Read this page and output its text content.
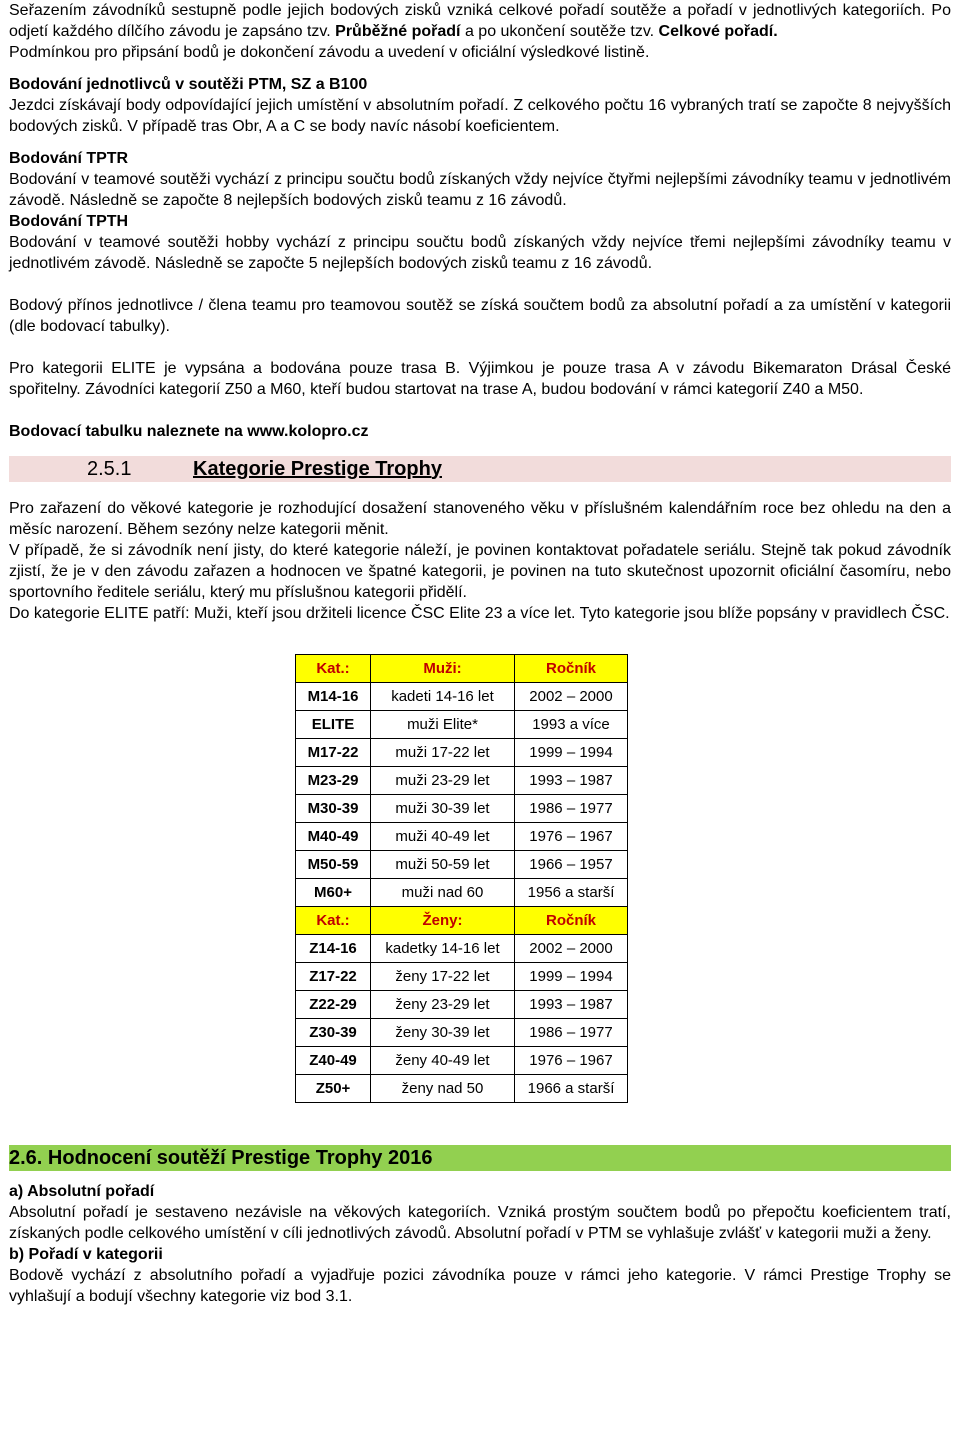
Seřazením závodníků sestupně podle jejich bodových zisků vzniká celkové pořadí soutěže a pořadí v jednotlivých kategoriích. Po odjetí každého dílčího závodu je zapsáno tzv. Průběžné pořadí a po ukončení soutěže tzv. Celkové pořadí.

Podmínkou pro připsání bodů je dokončení závodu a uvedení v oficiální výsledkové listině.

Bodování jednotlivců v soutěži PTM, SZ a B100

Jezdci získávají body odpovídající jejich umístění v absolutním pořadí. Z celkového počtu 16 vybraných tratí se započte 8 nejvyšších bodových zisků. V případě tras Obr, A a C se body navíc násobí koeficientem.

Bodování TPTR

Bodování v teamové soutěži vychází z principu součtu bodů získaných vždy nejvíce čtyřmi nejlepšími závodníky teamu v jednotlivém závodě. Následně se započte 8 nejlepších bodových zisků teamu z 16 závodů.

Bodování TPTH

Bodování v teamové soutěži hobby vychází z principu součtu bodů získaných vždy nejvíce třemi nejlepšími závodníky teamu v jednotlivém závodě. Následně se započte 5 nejlepších bodových zisků teamu z 16 závodů.

Bodový přínos jednotlivce / člena teamu pro teamovou soutěž se získá součtem bodů za absolutní pořadí a za umístění v kategorii (dle bodovací tabulky).

Pro kategorii ELITE je vypsána a bodována pouze trasa B. Výjimkou je pouze trasa A v závodu Bikemaraton Drásal České spořitelny. Závodníci kategorií Z50 a M60, kteří budou startovat na trase A, budou bodování v rámci kategorií Z40 a M50.

Bodovací tabulku naleznete na www.kolopro.cz

2.5.1	Kategorie Prestige Trophy

Pro zařazení do věkové kategorie je rozhodující dosažení stanoveného věku v příslušném kalendářním roce bez ohledu na den a měsíc narození. Během sezóny nelze kategorii měnit.

V případě, že si závodník není jisty, do které kategorie náleží, je povinen kontaktovat pořadatele seriálu. Stejně tak pokud závodník zjistí, že je v den závodu zařazen a hodnocen ve špatné kategorii, je povinen na tuto skutečnost upozornit oficiální časomíru, nebo sportovního ředitele seriálu, který mu příslušnou kategorii přidělí.

Do kategorie ELITE patří: Muži, kteří jsou držiteli licence ČSC Elite 23 a více let. Tyto kategorie jsou blíže popsány v pravidlech ČSC.

Kat.:	Muži:	Ročník
M14-16	kadeti 14-16 let	2002 – 2000
ELITE	muži Elite*	1993 a více
M17-22	muži 17-22 let	1999 – 1994
M23-29	muži 23-29 let	1993 – 1987
M30-39	muži 30-39 let	1986 – 1977
M40-49	muži 40-49 let	1976 – 1967
M50-59	muži 50-59 let	1966 – 1957
M60+	muži nad 60	1956 a starší
Kat.:	Ženy:	Ročník
Z14-16	kadetky 14-16 let	2002 – 2000
Z17-22	ženy 17-22 let	1999 – 1994
Z22-29	ženy 23-29 let	1993 – 1987
Z30-39	ženy 30-39 let	1986 – 1977
Z40-49	ženy 40-49 let	1976 – 1967
Z50+	ženy nad 50	1966 a starší
2.6. Hodnocení soutěží Prestige Trophy 2016

a) Absolutní pořadí

Absolutní pořadí je sestaveno nezávisle na věkových kategoriích. Vzniká prostým součtem bodů po přepočtu koeficientem tratí, získaných podle celkového umístění v cíli jednotlivých závodů. Absolutní pořadí v PTM se vyhlašuje zvlášť v kategorii muži a ženy.

b) Pořadí v kategorii

Bodově vychází z absolutního pořadí a vyjadřuje pozici závodníka pouze v rámci jeho kategorie. V rámci Prestige Trophy se vyhlašují a bodují všechny kategorie viz bod 3.1.
